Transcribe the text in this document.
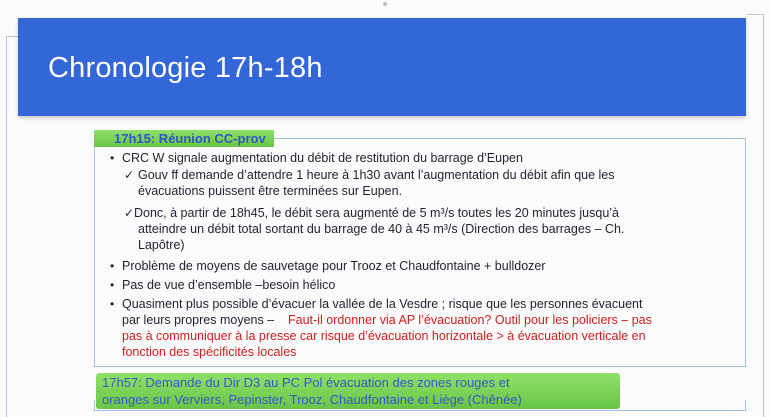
Chronologie 17h-18h
17h15: Réunion CC-prov
• CRC W signale augmentation du débit de restitution du barrage d’Eupen
✓ Gouv ff demande d’attendre 1 heure à 1h30 avant l’augmentation du débit afin que les
évacuations puissent être terminées sur Eupen.
✓ Donc, à partir de 18h45, le débit sera augmenté de 5 m³/s toutes les 20 minutes jusqu’à
atteindre un débit total sortant du barrage de 40 à 45 m³/s (Direction des barrages – Ch.
Lapôtre)
• Problème de moyens de sauvetage pour Trooz et Chaudfontaine + bulldozer
• Pas de vue d’ensemble –besoin hélico
• Quasiment plus possible d’évacuer la vallée de la Vesdre ; risque que les personnes évacuent
par leurs propres moyens – Faut-il ordonner via AP l’évacuation? Outil pour les policiers – pas
pas à communiquer à la presse car risque d’évacuation horizontale > à évacuation verticale en
fonction des spécificités locales
17h57: Demande du Dir D3 au PC Pol évacuation des zones rouges et
oranges sur Verviers, Pepinster, Trooz, Chaudfontaine et Liège (Chênée)
